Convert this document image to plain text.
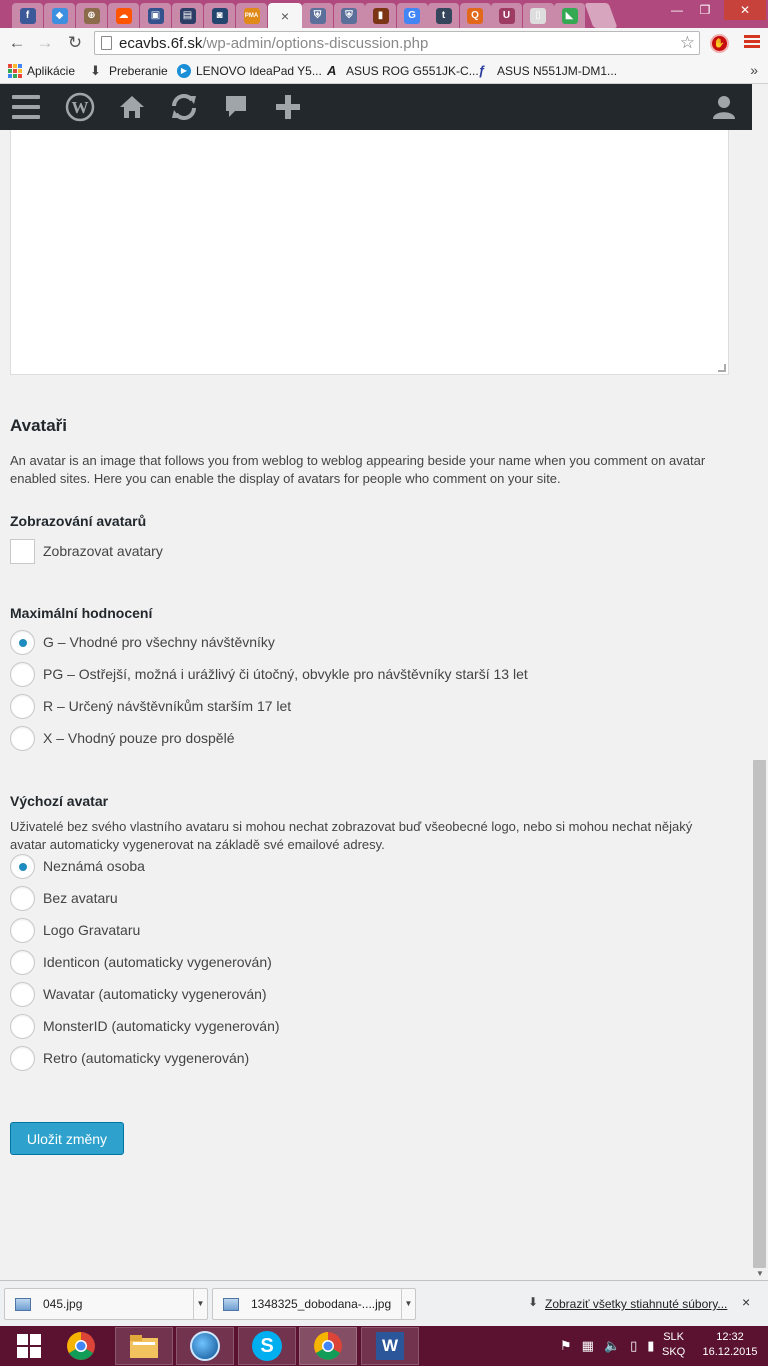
f	◆	⊕	☁	▣	▤	◙	PMA ×	⛨	⛨	▮	G	t	Q	U	▯	◣	—	❐	✕
← → ↻ ecavbs.6f.sk/wp-admin/options-discussion.php	☆	✋
Aplikácie ⬇ Preberanie	▶ LENOVO IdeaPad Y5... A ASUS ROG G551JK-C... ƒ ASUS N551JM-DM1...	»
W
Avataři

An avatar is an image that follows you from weblog to weblog appearing beside your name when you comment on avatar enabled sites. Here you can enable the display of avatars for people who comment on your site.

Zobrazování avatarů
Zobrazovat avatary
Maximální hodnocení
G – Vhodné pro všechny návštěvníky
PG – Ostřejší, možná i urážlivý či útočný, obvykle pro návštěvníky starší 13 let
R – Určený návštěvníkům starším 17 let
X – Vhodný pouze pro dospělé
Výchozí avatar

Uživatelé bez svého vlastního avataru si mohou nechat zobrazovat buď všeobecné logo, nebo si mohou nechat nějaký avatar automaticky vygenerovat na základě své emailové adresy.

Neznámá osoba
Bez avataru
Logo Gravataru
Identicon (automaticky vygenerován)
Wavatar (automaticky vygenerován)
MonsterID (automaticky vygenerován)
Retro (automaticky vygenerován)
Uložit změny
▼
045.jpg	▼	1348325_dobodana-....jpg	▼	⬇ Zobraziť všetky stiahnuté súbory... ×
S	W	⚑ ▦ 🔈 ▯ ▮
SLK
SKQ
12:32
16.12.2015
